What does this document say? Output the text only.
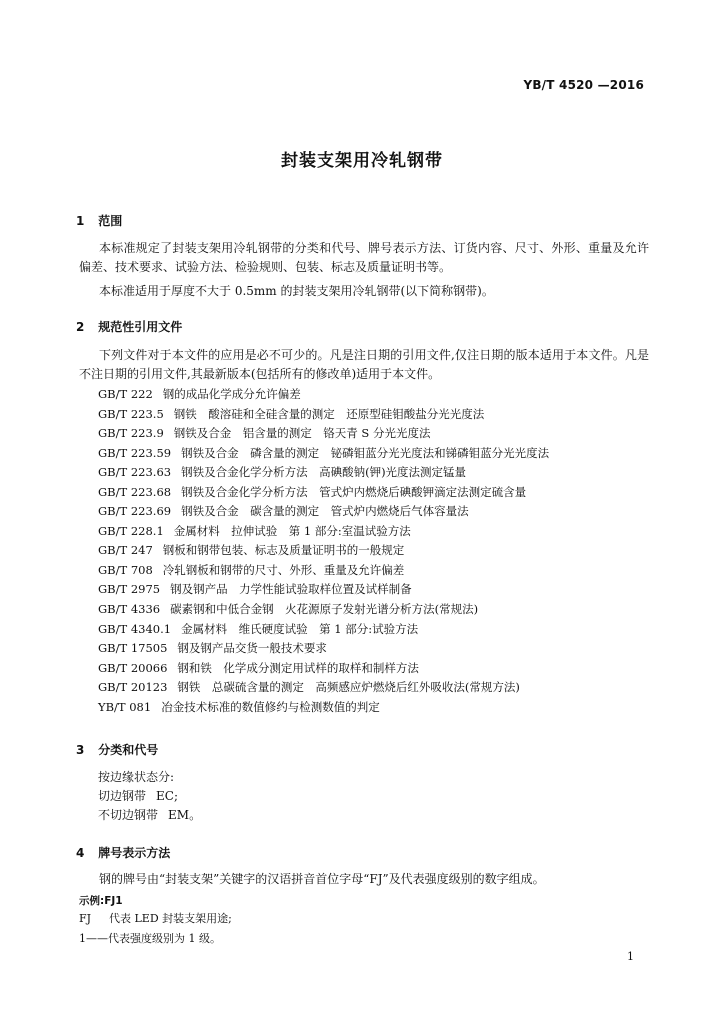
YB/T 4520 —2016
封装支架用冷轧钢带
1 范围
本标准规定了封装支架用冷轧钢带的分类和代号、牌号表示方法、订货内容、尺寸、外形、重量及允许偏差、技术要求、试验方法、检验规则、包装、标志及质量证明书等。
本标准适用于厚度不大于 0.5mm 的封装支架用冷轧钢带(以下简称钢带)。
2 规范性引用文件
下列文件对于本文件的应用是必不可少的。凡是注日期的引用文件,仅注日期的版本适用于本文件。凡是不注日期的引用文件,其最新版本(包括所有的修改单)适用于本文件。
GB/T 222 钢的成品化学成分允许偏差
GB/T 223.5 钢铁　酸溶硅和全硅含量的测定　还原型硅钼酸盐分光光度法
GB/T 223.9 钢铁及合金　铝含量的测定　铬天青 S 分光光度法
GB/T 223.59 钢铁及合金　磷含量的测定　铋磷钼蓝分光光度法和锑磷钼蓝分光光度法
GB/T 223.63 钢铁及合金化学分析方法　高碘酸钠(钾)光度法测定锰量
GB/T 223.68 钢铁及合金化学分析方法　管式炉内燃烧后碘酸钾滴定法测定硫含量
GB/T 223.69 钢铁及合金　碳含量的测定　管式炉内燃烧后气体容量法
GB/T 228.1 金属材料　拉伸试验　第 1 部分:室温试验方法
GB/T 247 钢板和钢带包装、标志及质量证明书的一般规定
GB/T 708 冷轧钢板和钢带的尺寸、外形、重量及允许偏差
GB/T 2975 钢及钢产品　力学性能试验取样位置及试样制备
GB/T 4336 碳素钢和中低合金钢　火花源原子发射光谱分析方法(常规法)
GB/T 4340.1 金属材料　维氏硬度试验　第 1 部分:试验方法
GB/T 17505 钢及钢产品交货一般技术要求
GB/T 20066 钢和铁　化学成分测定用试样的取样和制样方法
GB/T 20123 钢铁　总碳硫含量的测定　高频感应炉燃烧后红外吸收法(常规方法)
YB/T 081 冶金技术标准的数值修约与检测数值的判定
3 分类和代号
按边缘状态分:
切边钢带 EC;
不切边钢带 EM。
4 牌号表示方法
钢的牌号由“封装支架”关键字的汉语拼音首位字母“FJ”及代表强度级别的数字组成。
示例:FJ1
FJ 代表 LED 封装支架用途;
1——代表强度级别为 1 级。
1
